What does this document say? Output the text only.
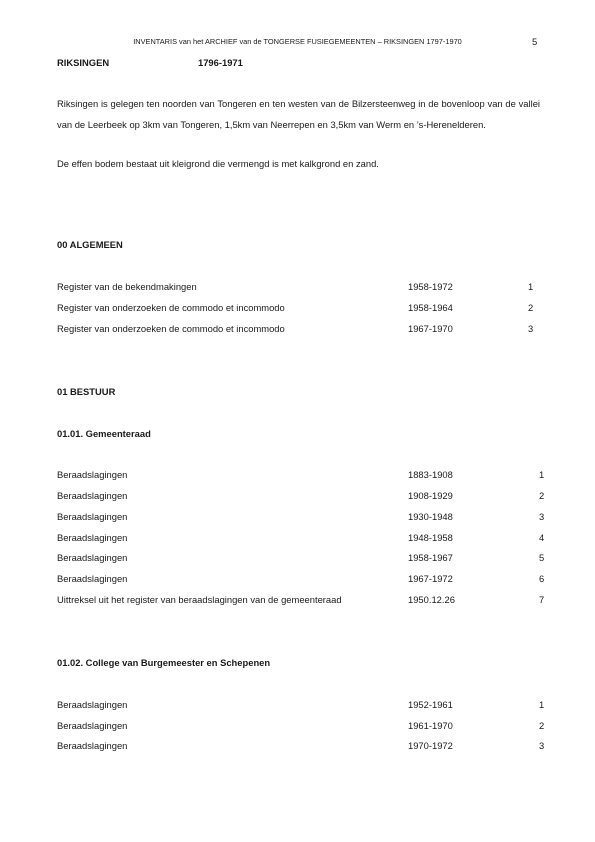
INVENTARIS van het ARCHIEF van de TONGERSE FUSIEGEMEENTEN – RIKSINGEN 1797-1970	5
RIKSINGEN	1796-1971

Riksingen is gelegen ten noorden van Tongeren en ten westen van de Bilzersteenweg in de bovenloop van de vallei van de Leerbeek op 3km van Tongeren, 1,5km van Neerrepen en 3,5km van Werm en ’s-Herenelderen.

De effen bodem bestaat uit kleigrond die vermengd is met kalkgrond en zand.
00 ALGEMEEN
Register van de bekendmakingen	1958-1972	1
Register van onderzoeken de commodo et incommodo	1958-1964	2
Register van onderzoeken de commodo et incommodo	1967-1970	3
01 BESTUUR
01.01. Gemeenteraad
Beraadslagingen	1883-1908	1
Beraadslagingen	1908-1929	2
Beraadslagingen	1930-1948	3
Beraadslagingen	1948-1958	4
Beraadslagingen	1958-1967	5
Beraadslagingen	1967-1972	6
Uittreksel uit het register van beraadslagingen van de gemeenteraad	1950.12.26	7
01.02. College van Burgemeester en Schepenen
Beraadslagingen	1952-1961	1
Beraadslagingen	1961-1970	2
Beraadslagingen	1970-1972	3
